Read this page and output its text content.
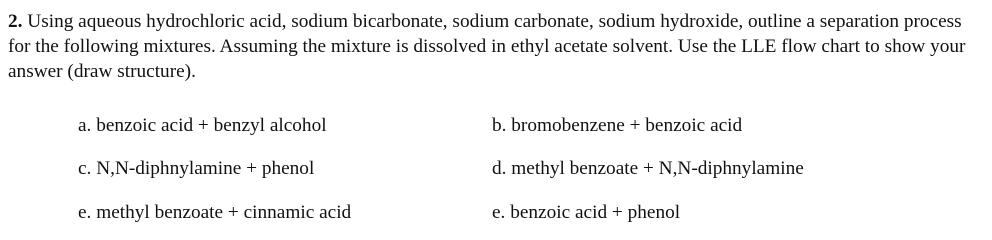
2. Using aqueous hydrochloric acid, sodium bicarbonate, sodium carbonate, sodium hydroxide, outline a separation process for the following mixtures. Assuming the mixture is dissolved in ethyl acetate solvent. Use the LLE flow chart to show your answer (draw structure).

a. benzoic acid + benzyl alcohol	b. bromobenzene + benzoic acid
c. N,N-diphnylamine + phenol	d. methyl benzoate + N,N-diphnylamine
e. methyl benzoate + cinnamic acid	e. benzoic acid + phenol
